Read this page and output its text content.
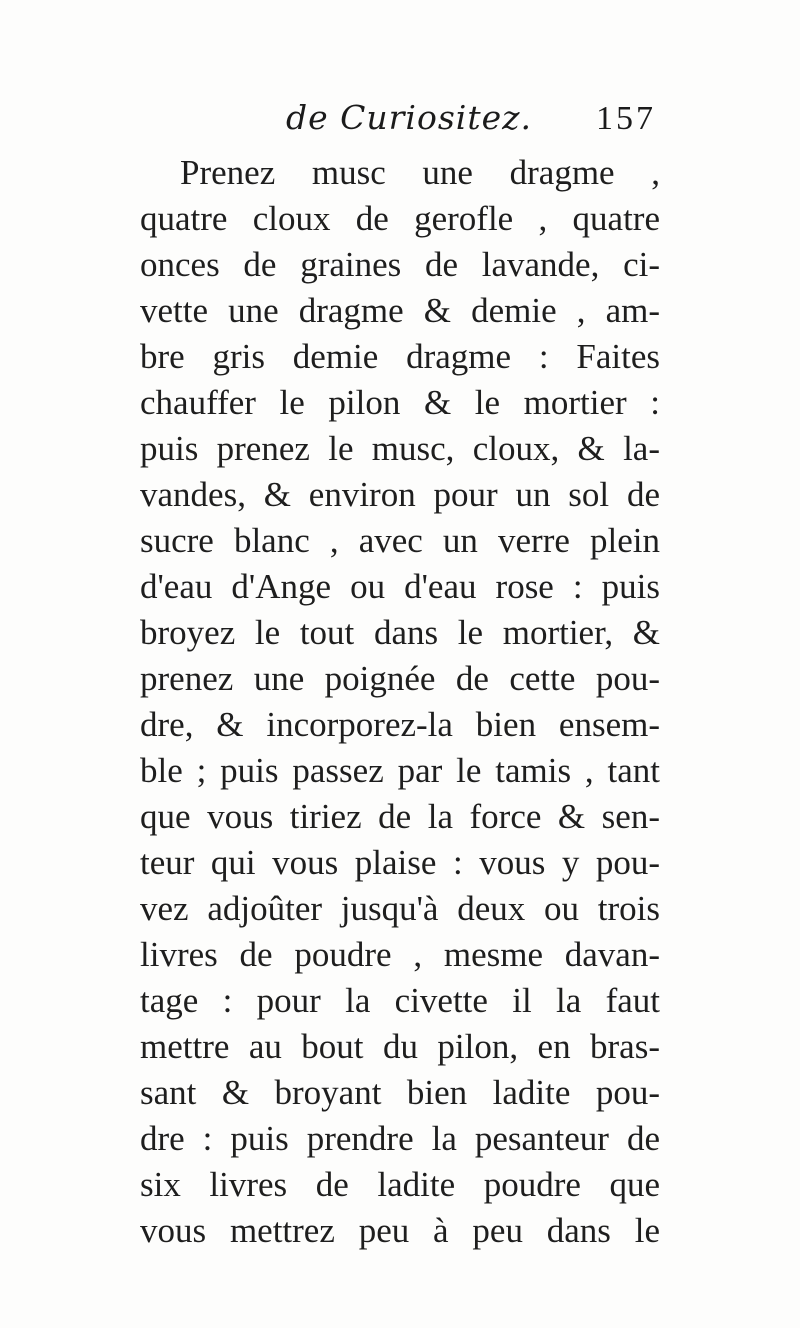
de Curiositez. 157
Prenez musc une dragme ,
quatre cloux de gerofle , quatre
onces de graines de lavande, ci-
vette une dragme & demie , am-
bre gris demie dragme : Faites
chauffer le pilon & le mortier :
puis prenez le musc, cloux, & la-
vandes, & environ pour un sol de
sucre blanc , avec un verre plein
d'eau d'Ange ou d'eau rose : puis
broyez le tout dans le mortier, &
prenez une poignée de cette pou-
dre, & incorporez-la bien ensem-
ble ; puis passez par le tamis , tant
que vous tiriez de la force & sen-
teur qui vous plaise : vous y pou-
vez adjoûter jusqu'à deux ou trois
livres de poudre , mesme davan-
tage : pour la civette il la faut
mettre au bout du pilon, en bras-
sant & broyant bien ladite pou-
dre : puis prendre la pesanteur de
six livres de ladite poudre que
vous mettrez peu à peu dans le
